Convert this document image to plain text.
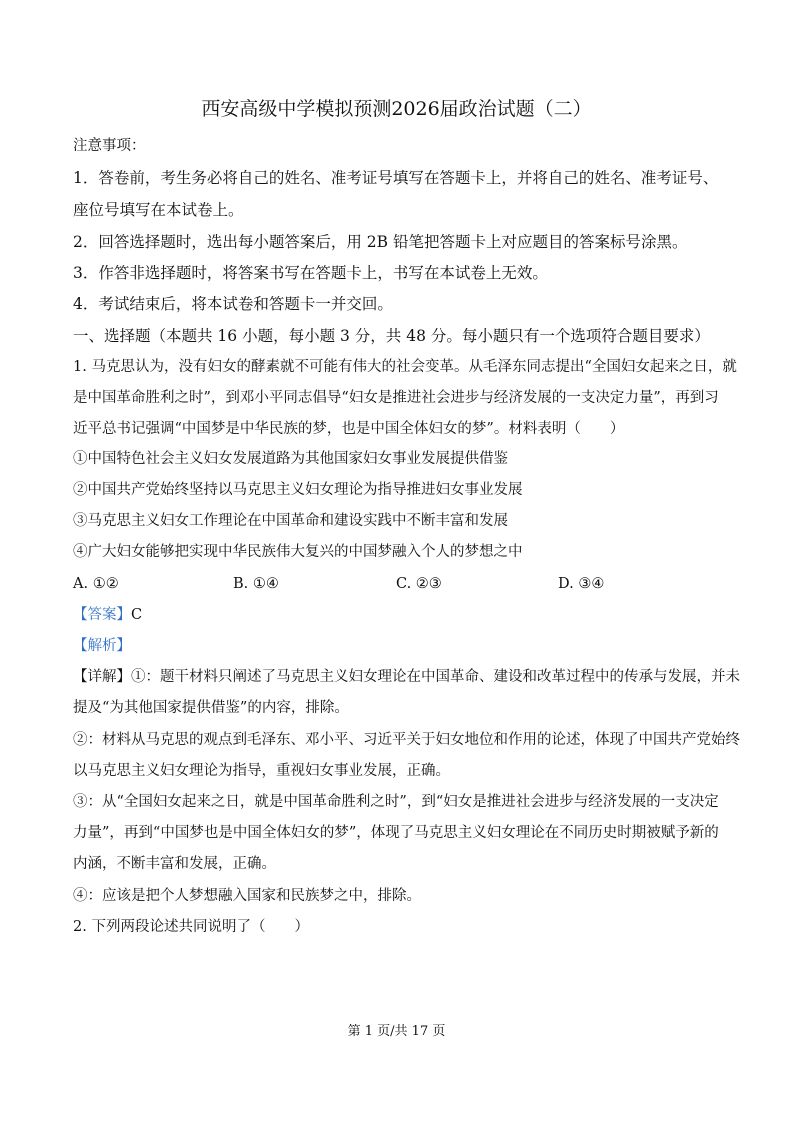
西安高级中学模拟预测2026届政治试题（二）
注意事项：
1．答卷前，考生务必将自己的姓名、准考证号填写在答题卡上，并将自己的姓名、准考证号、
座位号填写在本试卷上。
2．回答选择题时，选出每小题答案后，用 2B 铅笔把答题卡上对应题目的答案标号涂黑。
3．作答非选择题时，将答案书写在答题卡上，书写在本试卷上无效。
4．考试结束后，将本试卷和答题卡一并交回。
一、选择题（本题共 16 小题，每小题 3 分，共 48 分。每小题只有一个选项符合题目要求）
1. 马克思认为，没有妇女的酵素就不可能有伟大的社会变革。从毛泽东同志提出“全国妇女起来之日，就
是中国革命胜利之时”，到邓小平同志倡导“妇女是推进社会进步与经济发展的一支决定力量”，再到习
近平总书记强调“中国梦是中华民族的梦，也是中国全体妇女的梦”。材料表明（　　）
①中国特色社会主义妇女发展道路为其他国家妇女事业发展提供借鉴
②中国共产党始终坚持以马克思主义妇女理论为指导推进妇女事业发展
③马克思主义妇女工作理论在中国革命和建设实践中不断丰富和发展
④广大妇女能够把实现中华民族伟大复兴的中国梦融入个人的梦想之中
A. ①②	B. ①④	C. ②③	D. ③④
【答案】C
【解析】
【详解】①：题干材料只阐述了马克思主义妇女理论在中国革命、建设和改革过程中的传承与发展，并未
提及“为其他国家提供借鉴”的内容，排除。
②：材料从马克思的观点到毛泽东、邓小平、习近平关于妇女地位和作用的论述，体现了中国共产党始终
以马克思主义妇女理论为指导，重视妇女事业发展，正确。
③：从“全国妇女起来之日，就是中国革命胜利之时”，到“妇女是推进社会进步与经济发展的一支决定
力量”，再到“中国梦也是中国全体妇女的梦”，体现了马克思主义妇女理论在不同历史时期被赋予新的
内涵，不断丰富和发展，正确。
④：应该是把个人梦想融入国家和民族梦之中，排除。
2. 下列两段论述共同说明了（　　）
第 1 页/共 17 页
